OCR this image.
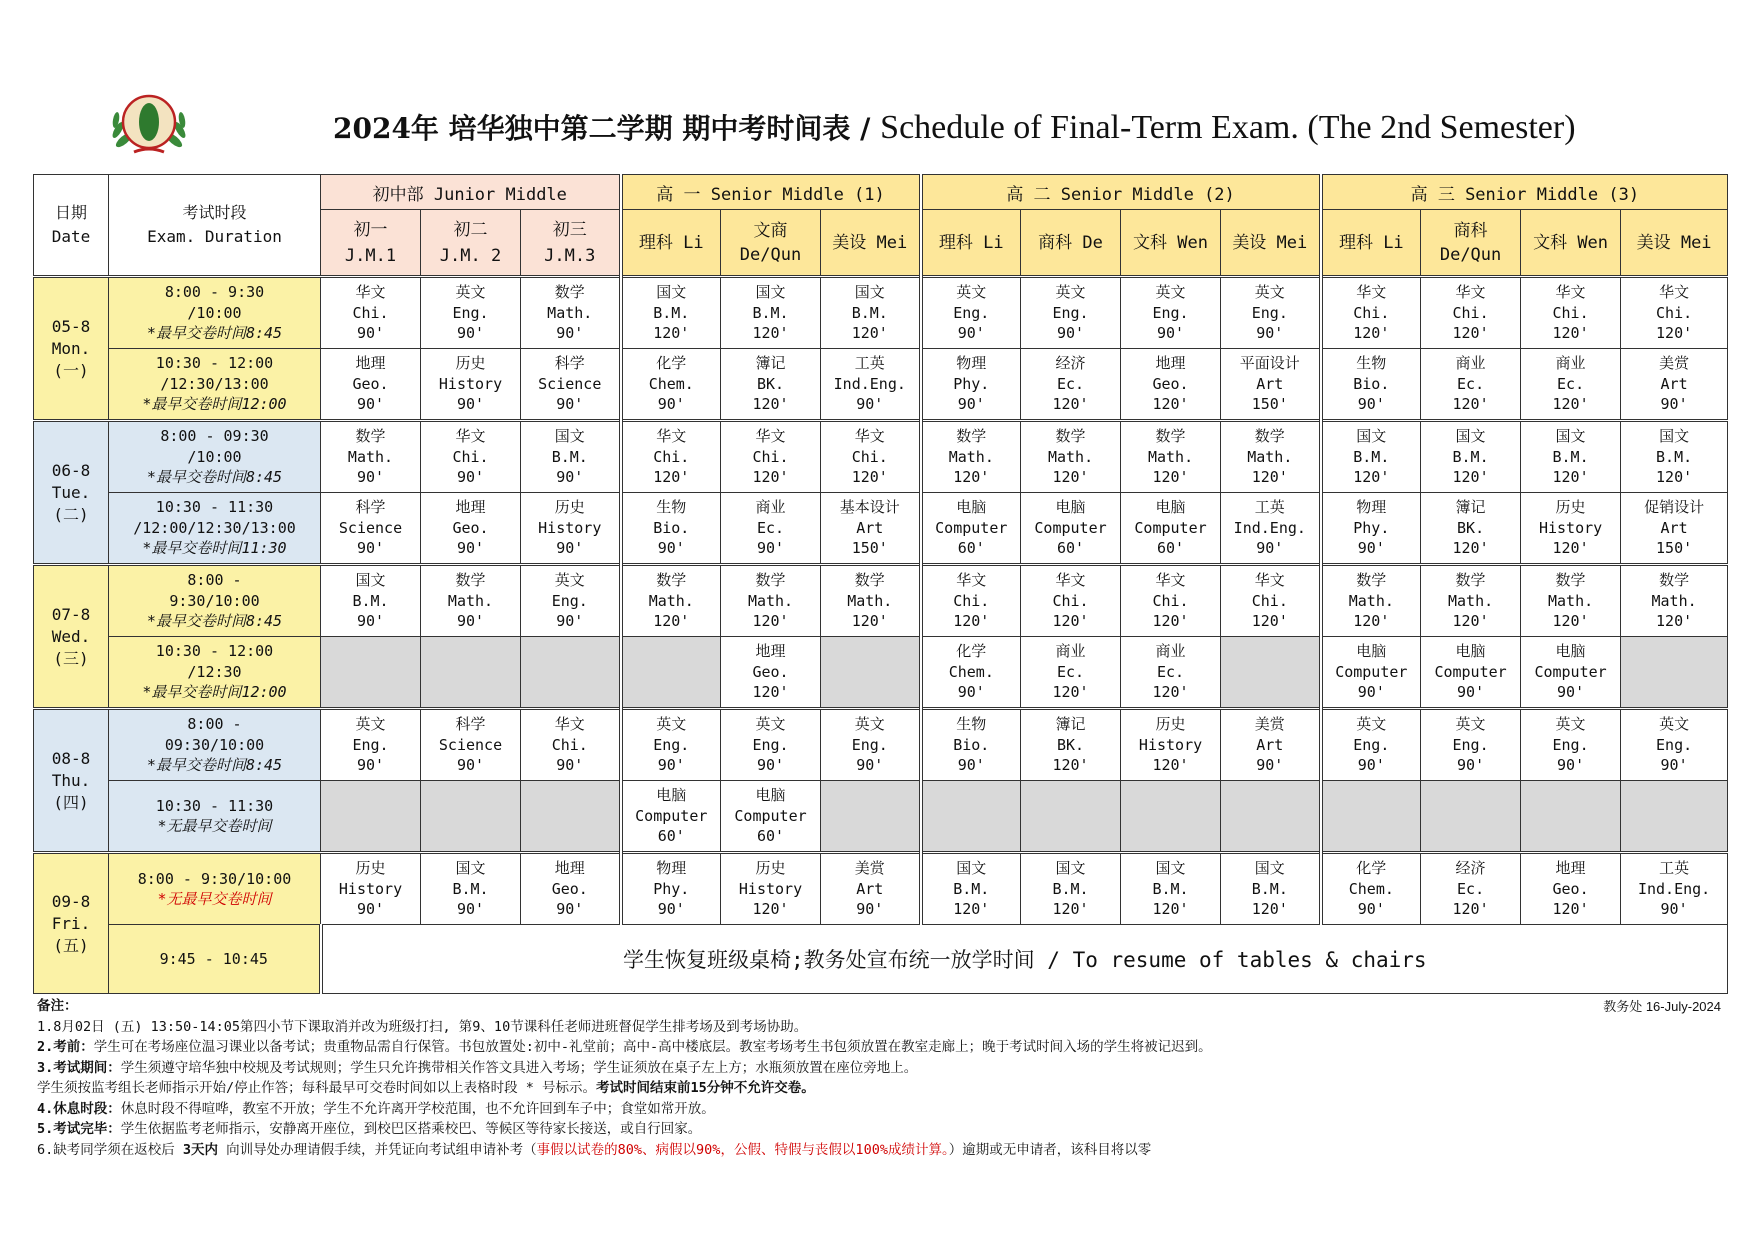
2024年 培华独中第二学期 期中考时间表 / Schedule of Final-Term Exam. (The 2nd Semester)
日期
Date	考试时段
Exam. Duration	初中部 Junior Middle			高 一 Senior Middle (1)			高 二 Senior Middle (2)				高 三 Senior Middle (3)			
		初一
J.M.1	初二
J.M. 2	初三
J.M.3	理科 Li	文商
De/Qun	美设 Mei	理科 Li	商科 De	文科 Wen	美设 Mei	理科 Li	商科
De/Qun	文科 Wen	美设 Mei
05-8
Mon.
(一)	8:00 - 9:30
/10:00
*最早交卷时间8:45	华文
Chi.
90'	英文
Eng.
90'	数学
Math.
90'	国文
B.M.
120'	国文
B.M.
120'	国文
B.M.
120'	英文
Eng.
90'	英文
Eng.
90'	英文
Eng.
90'	英文
Eng.
90'	华文
Chi.
120'	华文
Chi.
120'	华文
Chi.
120'	华文
Chi.
120'
	10:30 - 12:00
/12:30/13:00
*最早交卷时间12:00	地理
Geo.
90'	历史
History
90'	科学
Science
90'	化学
Chem.
90'	簿记
BK.
120'	工英
Ind.Eng.
90'	物理
Phy.
90'	经济
Ec.
120'	地理
Geo.
120'	平面设计
Art
150'	生物
Bio.
90'	商业
Ec.
120'	商业
Ec.
120'	美赏
Art
90'
06-8
Tue.
(二)	8:00 - 09:30
/10:00
*最早交卷时间8:45	数学
Math.
90'	华文
Chi.
90'	国文
B.M.
90'	华文
Chi.
120'	华文
Chi.
120'	华文
Chi.
120'	数学
Math.
120'	数学
Math.
120'	数学
Math.
120'	数学
Math.
120'	国文
B.M.
120'	国文
B.M.
120'	国文
B.M.
120'	国文
B.M.
120'
	10:30 - 11:30
/12:00/12:30/13:00
*最早交卷时间11:30	科学
Science
90'	地理
Geo.
90'	历史
History
90'	生物
Bio.
90'	商业
Ec.
90'	基本设计
Art
150'	电脑
Computer
60'	电脑
Computer
60'	电脑
Computer
60'	工英
Ind.Eng.
90'	物理
Phy.
90'	簿记
BK.
120'	历史
History
120'	促销设计
Art
150'
07-8
Wed.
(三)	8:00 -
9:30/10:00
*最早交卷时间8:45	国文
B.M.
90'	数学
Math.
90'	英文
Eng.
90'	数学
Math.
120'	数学
Math.
120'	数学
Math.
120'	华文
Chi.
120'	华文
Chi.
120'	华文
Chi.
120'	华文
Chi.
120'	数学
Math.
120'	数学
Math.
120'	数学
Math.
120'	数学
Math.
120'
	10:30 - 12:00
/12:30
*最早交卷时间12:00					地理
Geo.
120'		化学
Chem.
90'	商业
Ec.
120'	商业
Ec.
120'		电脑
Computer
90'	电脑
Computer
90'	电脑
Computer
90'	
08-8
Thu.
(四)	8:00 -
09:30/10:00
*最早交卷时间8:45	英文
Eng.
90'	科学
Science
90'	华文
Chi.
90'	英文
Eng.
90'	英文
Eng.
90'	英文
Eng.
90'	生物
Bio.
90'	簿记
BK.
120'	历史
History
120'	美赏
Art
90'	英文
Eng.
90'	英文
Eng.
90'	英文
Eng.
90'	英文
Eng.
90'
	10:30 - 11:30
*无最早交卷时间				电脑
Computer
60'	电脑
Computer
60'									
09-8
Fri.
(五)	8:00 - 9:30/10:00
*无最早交卷时间	历史
History
90'	国文
B.M.
90'	地理
Geo.
90'	物理
Phy.
90'	历史
History
120'	美赏
Art
90'	国文
B.M.
120'	国文
B.M.
120'	国文
B.M.
120'	国文
B.M.
120'	化学
Chem.
90'	经济
Ec.
120'	地理
Geo.
120'	工英
Ind.Eng.
90'
	9:45 - 10:45	学生恢复班级桌椅;教务处宣布统一放学时间 / To resume of tables & chairs													
备注：
1.8月02日 (五) 13:50-14:05第四小节下课取消并改为班级打扫, 第9、10节课科任老师进班督促学生排考场及到考场协助。
2.考前：学生可在考场座位温习课业以备考试；贵重物品需自行保管。书包放置处:初中-礼堂前；高中-高中楼底层。教室考场考生书包须放置在教室走廊上；晚于考试时间入场的学生将被记迟到。
3.考试期间：学生须遵守培华独中校规及考试规则；学生只允许携带相关作答文具进入考场；学生证须放在桌子左上方；水瓶须放置在座位旁地上。
学生须按监考组长老师指示开始/停止作答；每科最早可交卷时间如以上表格时段 * 号标示。考试时间结束前15分钟不允许交卷。
4.休息时段：休息时段不得喧哗，教室不开放；学生不允许离开学校范围，也不允许回到车子中；食堂如常开放。
5.考试完毕：学生依据监考老师指示，安静离开座位，到校巴区搭乘校巴、等候区等待家长接送，或自行回家。
6.缺考同学须在返校后 3天内 向训导处办理请假手续，并凭证向考试组申请补考（事假以试卷的80%、病假以90%，公假、特假与丧假以100%成绩计算。）逾期或无申请者，该科目将以零
教务处 16-July-2024
